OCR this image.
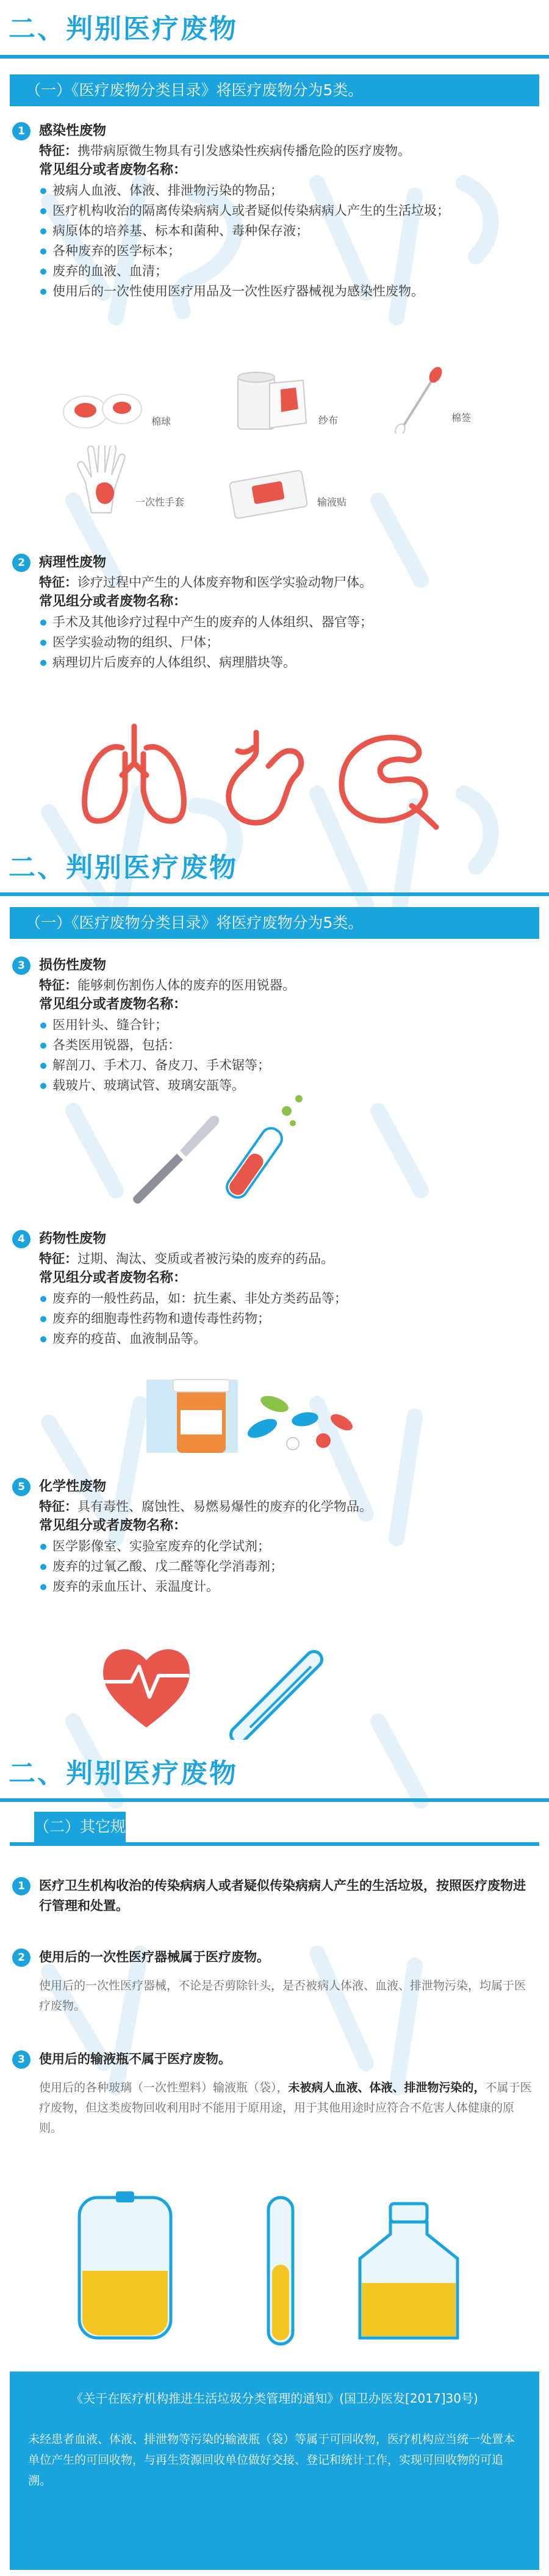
二、判别医疗废物
（一）《医疗废物分类目录》将医疗废物分为5类。
1	感染性废物
特征：携带病原微生物具有引发感染性疾病传播危险的医疗废物。
常见组分或者废物名称：
被病人血液、体液、排泄物污染的物品；
医疗机构收治的隔离传染病病人或者疑似传染病病人产生的生活垃圾；
病原体的培养基、标本和菌种、毒种保存液；
各种废弃的医学标本；
废弃的血液、血清；
使用后的一次性使用医疗用品及一次性医疗器械视为感染性废物。
棉球	纱布	棉签
一次性手套	输液贴
2	病理性废物
特征：诊疗过程中产生的人体废弃物和医学实验动物尸体。
常见组分或者废物名称：
手术及其他诊疗过程中产生的废弃的人体组织、器官等；
医学实验动物的组织、尸体；
病理切片后废弃的人体组织、病理腊块等。
二、判别医疗废物
（一）《医疗废物分类目录》将医疗废物分为5类。
3	损伤性废物
特征：能够刺伤割伤人体的废弃的医用锐器。
常见组分或者废物名称：
医用针头、缝合针；
各类医用锐器，包括：
解剖刀、手术刀、备皮刀、手术锯等；
载玻片、玻璃试管、玻璃安瓿等。
4	药物性废物
特征：过期、淘汰、变质或者被污染的废弃的药品。
常见组分或者废物名称：
废弃的一般性药品，如：抗生素、非处方类药品等；
废弃的细胞毒性药物和遗传毒性药物；
废弃的疫苗、血液制品等。
5	化学性废物
特征：具有毒性、腐蚀性、易燃易爆性的废弃的化学物品。
常见组分或者废物名称：
医学影像室、实验室废弃的化学试剂；
废弃的过氧乙酸、戊二醛等化学消毒剂；
废弃的汞血压计、汞温度计。
二、判别医疗废物
（二）其它规定
1	医疗卫生机构收治的传染病病人或者疑似传染病病人产生的生活垃圾，按照医疗废物进行管理和处置。
2	使用后的一次性医疗器械属于医疗废物。
使用后的一次性医疗器械，不论是否剪除针头，是否被病人体液、血液、排泄物污染，均属于医疗废物。
3	使用后的输液瓶不属于医疗废物。
使用后的各种玻璃（一次性塑料）输液瓶（袋），未被病人血液、体液、排泄物污染的，不属于医疗废物，但这类废物回收利用时不能用于原用途，用于其他用途时应符合不危害人体健康的原则。
《关于在医疗机构推进生活垃圾分类管理的通知》(国卫办医发[2017]30号)
未经患者血液、体液、排泄物等污染的输液瓶（袋）等属于可回收物，医疗机构应当统一处置本单位产生的可回收物，与再生资源回收单位做好交接、登记和统计工作，实现可回收物的可追溯。
